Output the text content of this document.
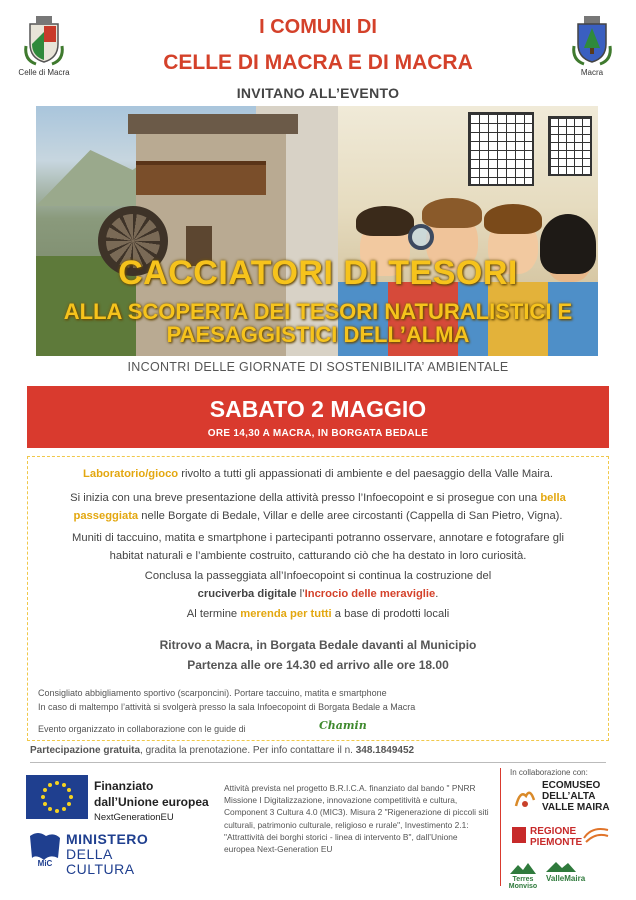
Celle di Macra	Macra
I COMUNI DI
CELLE DI MACRA E DI MACRA
INVITANO ALL’EVENTO
CACCIATORI DI TESORI
ALLA SCOPERTA DEI TESORI NATURALISTICI E
PAESAGGISTICI DELL’ALMA
INCONTRI DELLE GIORNATE DI SOSTENIBILITA’ AMBIENTALE
SABATO 2 MAGGIO
ORE 14,30 A MACRA, IN BORGATA BEDALE
Laboratorio/gioco rivolto a tutti gli appassionati di ambiente e del paesaggio della Valle Maira.
Si inizia con una breve presentazione della attività presso l’Infoecopoint e si prosegue con una bella
passeggiata nelle Borgate di Bedale, Villar e delle aree circostanti (Cappella di San Pietro, Vigna).
Muniti di taccuino, matita e smartphone i partecipanti potranno osservare, annotare e fotografare gli
habitat naturali e l’ambiente costruito, catturando ciò che ha destato in loro curiosità.
Conclusa la passeggiata all’Infoecopoint si continua la costruzione del
cruciverba digitale l’Incrocio delle meraviglie.
Al termine merenda per tutti a base di prodotti locali
Ritrovo a Macra, in Borgata Bedale davanti al Municipio
Partenza alle ore 14.30 ed arrivo alle ore 18.00
Consigliato abbigliamento sportivo (scarponcini). Portare taccuino, matita e smartphone
In caso di maltempo l’attività si svolgerà presso la sala Infoecopoint di Borgata Bedale a Macra
Evento organizzato in collaborazione con le guide di	Chamin
Partecipazione gratuita, gradita la prenotazione. Per info contattare il n. 348.1849452
Finanziato
dall’Unione europea
NextGenerationEU
MiC
MINISTERO
DELLA
CULTURA
Attività prevista nel progetto B.R.I.C.A. finanziato dal bando " PNRR Missione I Digitalizzazione, innovazione competitività e cultura, Component 3 Cultura 4.0 (MIC3). Misura 2 "Rigenerazione di piccoli siti culturali, patrimonio culturale, religioso e rurale", Investimento 2.1: "Attrattività dei borghi storici - linea di intervento B", dall’Unione europea Next-Generation EU
In collaborazione con:
ECOMUSEO
DELL’ALTA
VALLE MAIRA
REGIONE
PIEMONTE
Terres Monviso
ValleMaira
